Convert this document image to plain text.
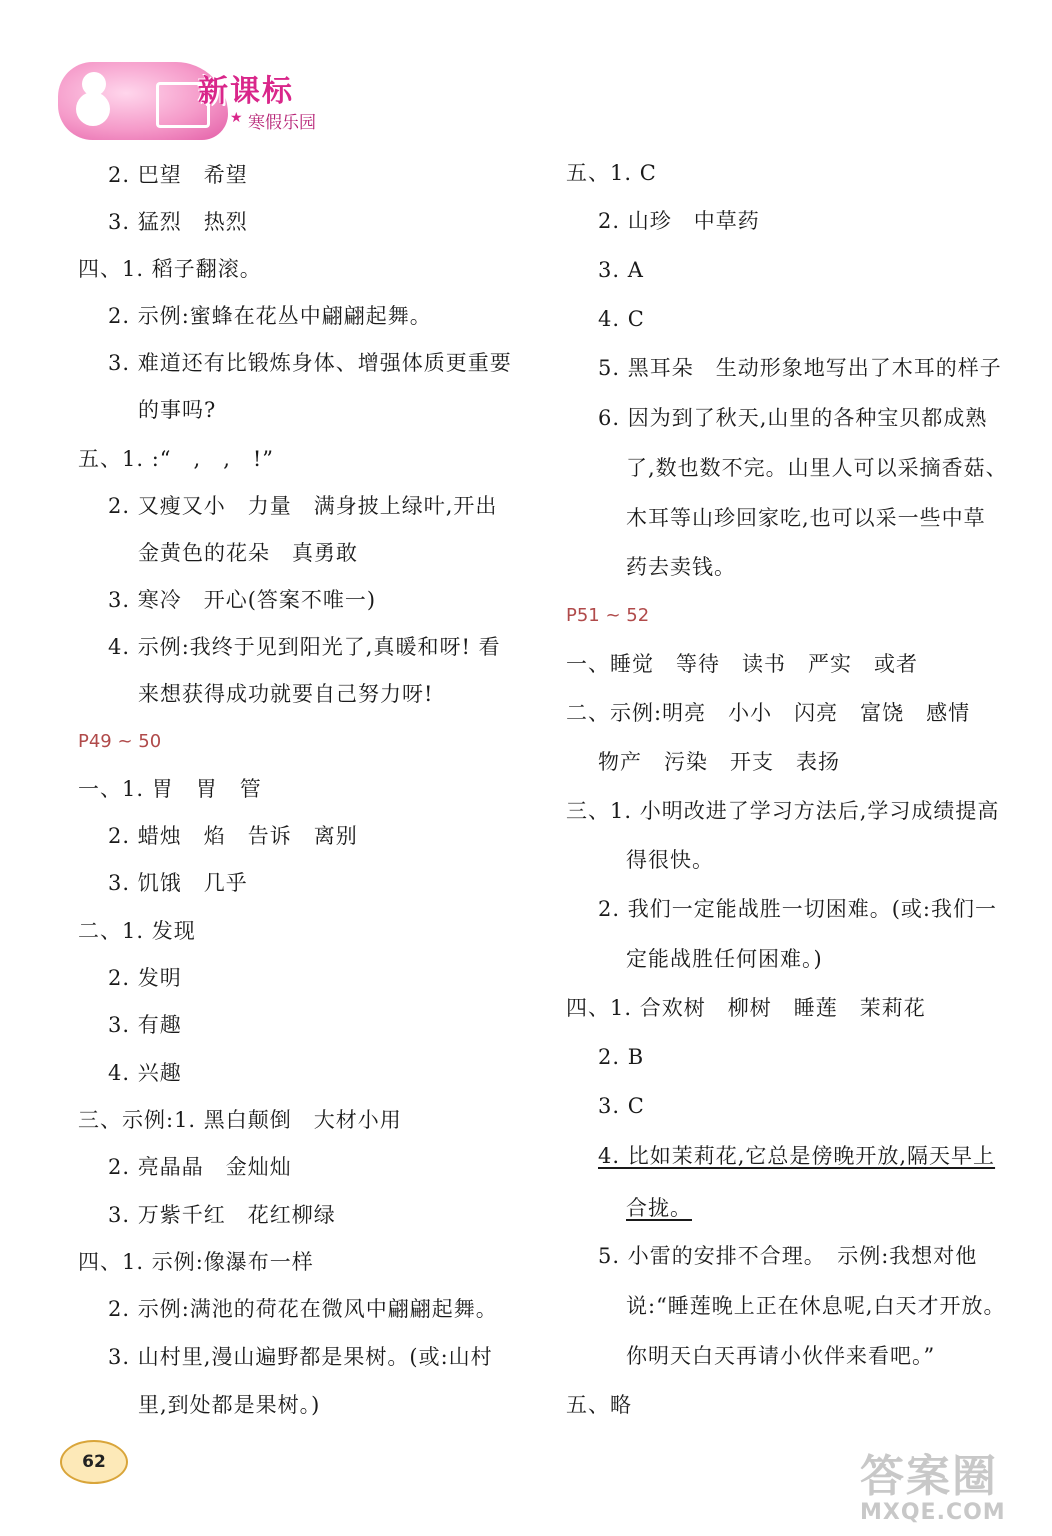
新课标
★ 寒假乐园
2. 巴望　希望
3. 猛烈　热烈
四、1. 稻子翻滚。
2. 示例:蜜蜂在花丛中翩翩起舞。
3. 难道还有比锻炼身体、增强体质更重要
的事吗?
五、1. :“　,　,　!”
2. 又瘦又小　力量　满身披上绿叶,开出
金黄色的花朵　真勇敢
3. 寒冷　开心(答案不唯一)
4. 示例:我终于见到阳光了,真暖和呀! 看
来想获得成功就要自己努力呀!
P49 ~ 50
一、1. 胃　胃　管
2. 蜡烛　焰　告诉　离别
3. 饥饿　几乎
二、1. 发现
2. 发明
3. 有趣
4. 兴趣
三、示例:1. 黑白颠倒　大材小用
2. 亮晶晶　金灿灿
3. 万紫千红　花红柳绿
四、1. 示例:像瀑布一样
2. 示例:满池的荷花在微风中翩翩起舞。
3. 山村里,漫山遍野都是果树。(或:山村
里,到处都是果树。)
五、1. C
2. 山珍　中草药
3. A
4. C
5. 黑耳朵　生动形象地写出了木耳的样子
6. 因为到了秋天,山里的各种宝贝都成熟
了,数也数不完。山里人可以采摘香菇、
木耳等山珍回家吃,也可以采一些中草
药去卖钱。
P51 ~ 52
一、睡觉　等待　读书　严实　或者
二、示例:明亮　小小　闪亮　富饶　感情
物产　污染　开支　表扬
三、1. 小明改进了学习方法后,学习成绩提高
得很快。
2. 我们一定能战胜一切困难。(或:我们一
定能战胜任何困难。)
四、1. 合欢树　柳树　睡莲　茉莉花
2. B
3. C
4. 比如茉莉花,它总是傍晚开放,隔天早上
合拢。
5. 小雷的安排不合理。　示例:我想对他
说:“睡莲晚上正在休息呢,白天才开放。
你明天白天再请小伙伴来看吧。”
五、略
62	答案圈
MXQE.COM
